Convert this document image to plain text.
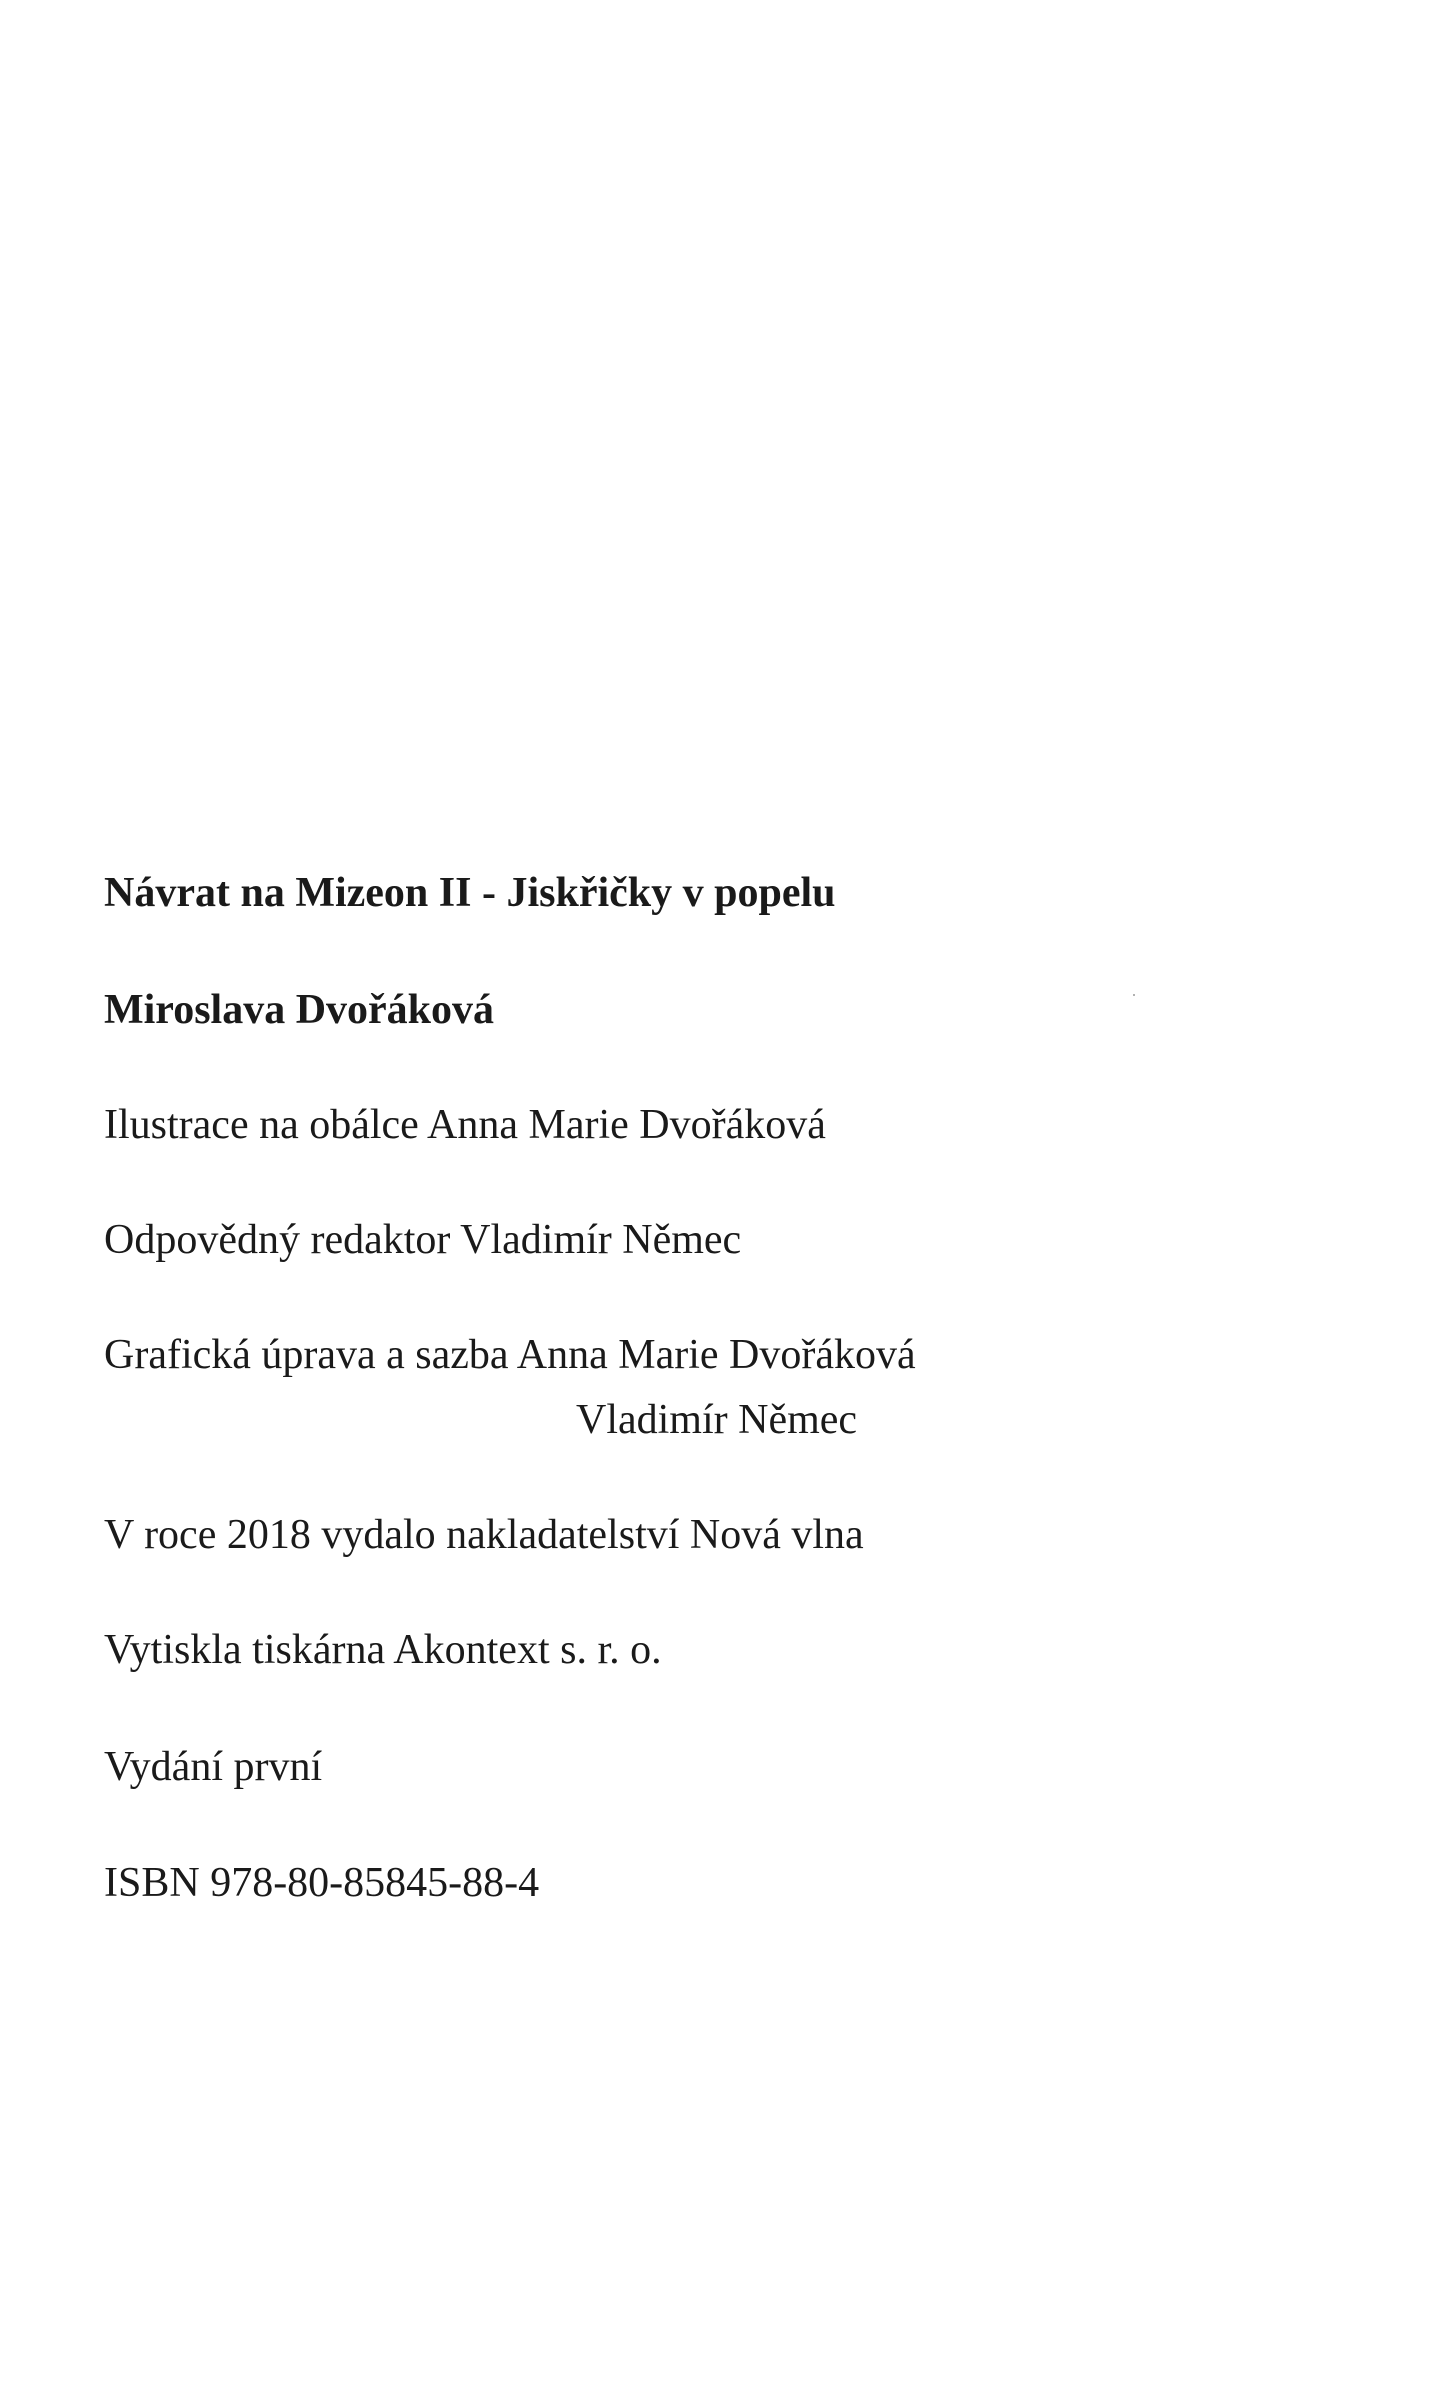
Návrat na Mizeon II - Jiskřičky v popelu
Miroslava Dvořáková
Ilustrace na obálce Anna Marie Dvořáková
Odpovědný redaktor Vladimír Němec
Grafická úprava a sazba Anna Marie Dvořáková
Vladimír Němec
V roce 2018 vydalo nakladatelství Nová vlna
Vytiskla tiskárna Akontext s. r. o.
Vydání první
ISBN 978-80-85845-88-4
